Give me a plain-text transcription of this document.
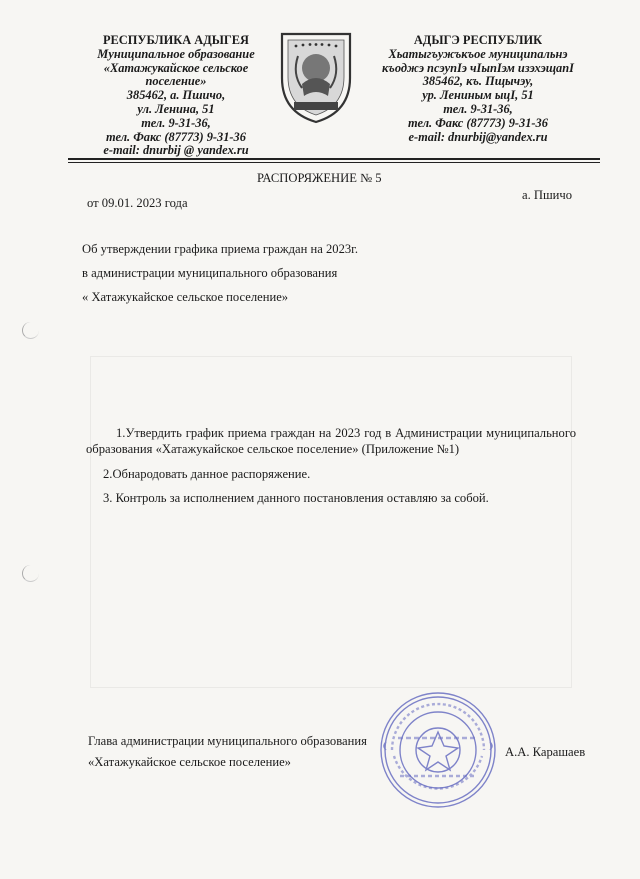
РЕСПУБЛИКА АДЫГЕЯ
Муниципальное образование
«Хатажукайское сельское
поселение»
385462, а. Пшичо,
ул. Ленина, 51
тел. 9-31-36,
тел. Факс (87773) 9-31-36
e-mail: dnurbij @ yandex.ru
АДЫГЭ РЕСПУБЛИК
Хьатыгъужъкъое муниципальнэ
къоджэ псэупIэ чIыпIэм изэхэщапI
385462, къ. Пщычэу,
ур. Лениным ыцI, 51
тел. 9-31-36,
тел. Факс (87773) 9-31-36
e-mail: dnurbij@yandex.ru
РАСПОРЯЖЕНИЕ № 5
от 09.01. 2023 года
а. Пшичо
Об утверждении графика приема граждан на 2023г.
в администрации муниципального образования
« Хатажукайское сельское поселение»
1.Утвердить график приема граждан на 2023 год в Администрации муниципального образования «Хатажукайское сельское поселение» (Приложение №1)
2.Обнародовать данное распоряжение.
3. Контроль за исполнением данного постановления оставляю за собой.
Глава администрации муниципального образования
«Хатажукайское сельское поселение»
А.А. Карашаев
